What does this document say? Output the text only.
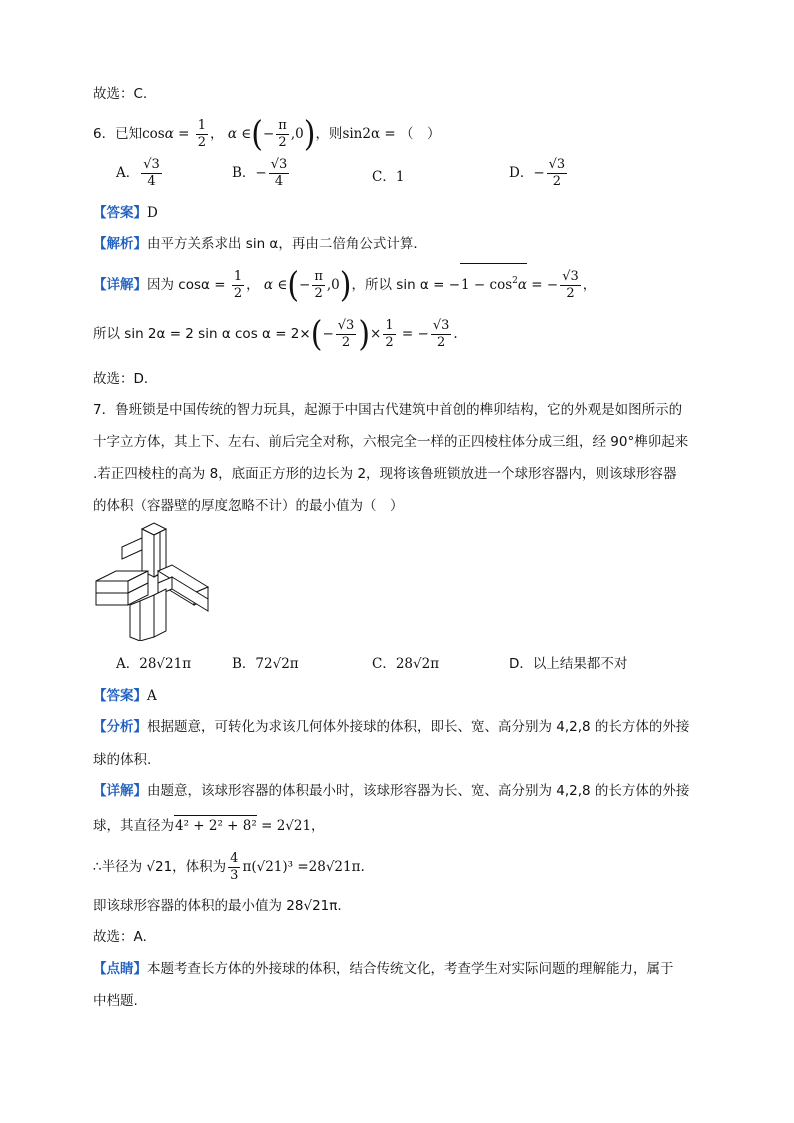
故选：C.
6．已知$\cos\alpha = \frac{1}{2}$ ， α ∈(− $\frac{\pi}{2} ,0$)，则sin2α = （　）
A． $\frac{√3}{4}$	B．− $\frac{√3}{4}$	C．1	D．− $\frac{√3}{2}$
【答案】D
【解析】由平方关系求出 sin α，再由二倍角公式计算．
【详解】因为 $\cos\alpha = \frac{1}{2}$ ， α ∈(− $\frac{\pi}{2} ,0$)，所以 $\sin \alpha = -1 - \cos^2\alpha$ = − $\frac{√3}{2}$ ，
所以 sin 2α = 2 sin α $\cos \alpha = 2\times(- \frac{√3}{2}$ )× $\frac{1}{2}$ = − $\frac{√3}{2}$ .
故选：D．
7．鲁班锁是中国传统的智力玩具，起源于中国古代建筑中首创的榫卯结构，它的外观是如图所示的
十字立方体，其上下、左右、前后完全对称，六根完全一样的正四棱柱体分成三组，经 90°榫卯起来
.若正四棱柱的高为 8，底面正方形的边长为 2，现将该鲁班锁放进一个球形容器内，则该球形容器
的体积（容器壁的厚度忽略不计）的最小值为（　）
A．28√21π	B．72√2π	C．28√2π	D．以上结果都不对
【答案】A
【分析】根据题意，可转化为求该几何体外接球的体积，即长、宽、高分别为 4,2,8 的长方体的外接
球的体积.
【详解】由题意，该球形容器的体积最小时，该球形容器为长、宽、高分别为 4,2,8 的长方体的外接
球，其直径为4² + 2² + 8² = 2√21，
∴半径为 √21，体积为 $\frac{4}{3} \pi(√21)^3 =28√21\pi$.
即该球形容器的体积的最小值为 28√21π.
故选：A.
【点睛】本题考查长方体的外接球的体积，结合传统文化，考查学生对实际问题的理解能力，属于
中档题.
